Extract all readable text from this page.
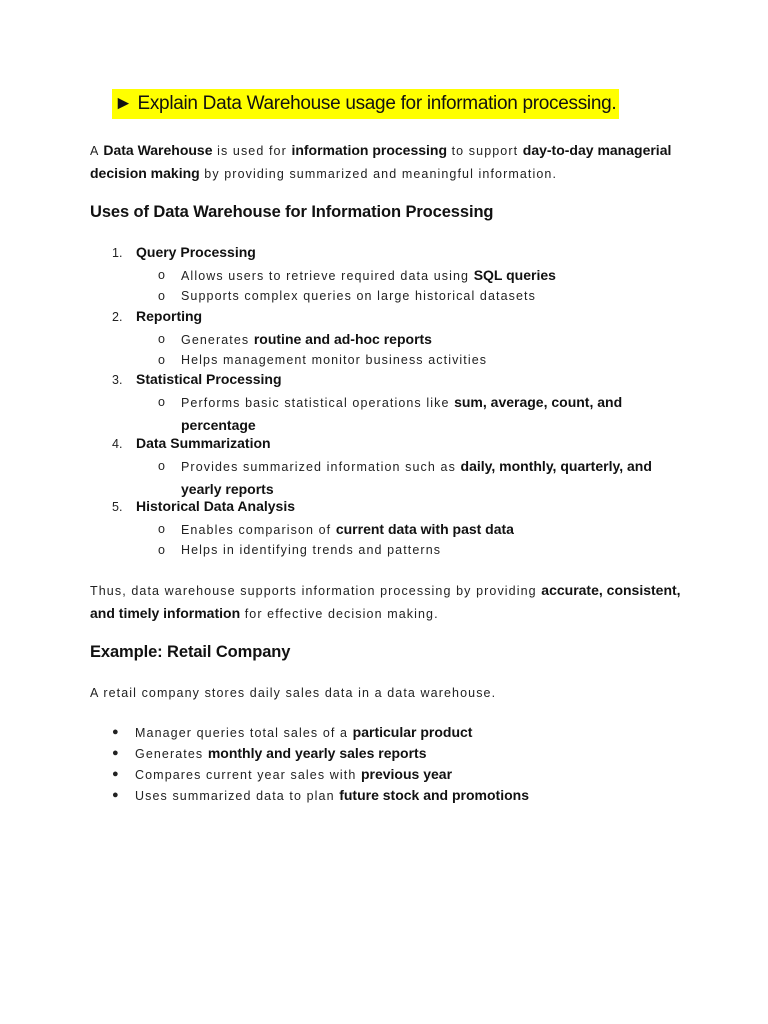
► Explain Data Warehouse usage for information processing.
A Data Warehouse is used for information processing to support day-to-day managerial decision making by providing summarized and meaningful information.
Uses of Data Warehouse for Information Processing
1. Query Processing
o Allows users to retrieve required data using SQL queries
o Supports complex queries on large historical datasets
2. Reporting
o Generates routine and ad-hoc reports
o Helps management monitor business activities
3. Statistical Processing
o Performs basic statistical operations like sum, average, count, and percentage
4. Data Summarization
o Provides summarized information such as daily, monthly, quarterly, and yearly reports
5. Historical Data Analysis
o Enables comparison of current data with past data
o Helps in identifying trends and patterns
Thus, data warehouse supports information processing by providing accurate, consistent, and timely information for effective decision making.
Example: Retail Company
A retail company stores daily sales data in a data warehouse.
● Manager queries total sales of a particular product
● Generates monthly and yearly sales reports
● Compares current year sales with previous year
● Uses summarized data to plan future stock and promotions
